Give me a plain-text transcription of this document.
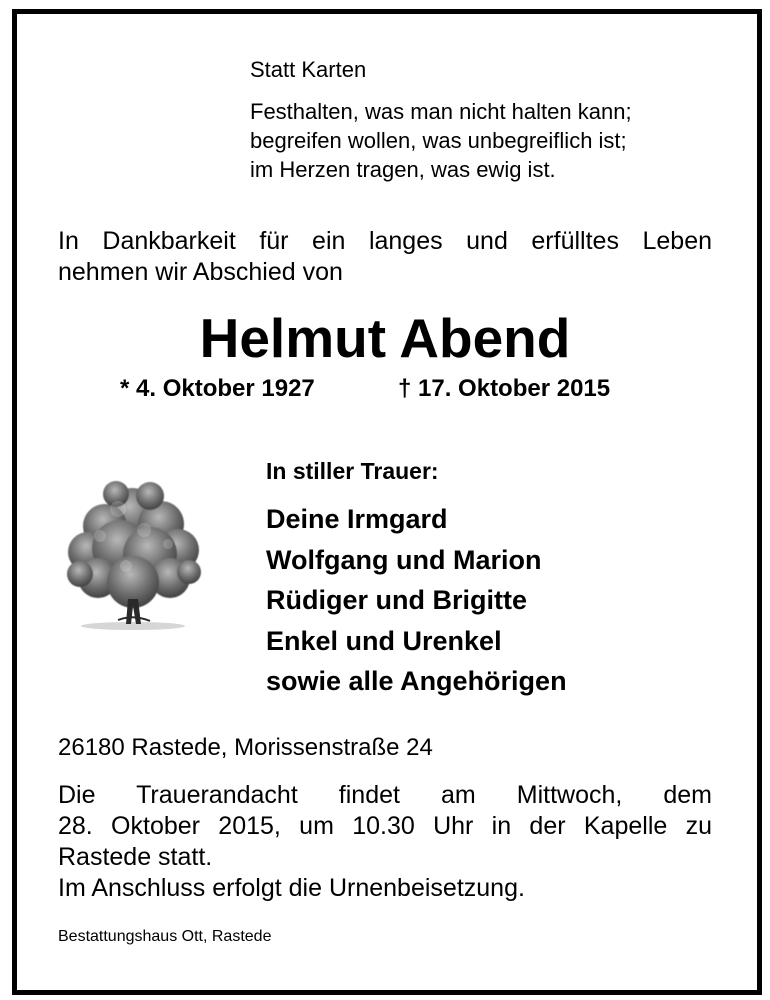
Statt Karten
Festhalten, was man nicht halten kann;
begreifen wollen, was unbegreiflich ist;
im Herzen tragen, was ewig ist.
In Dankbarkeit für ein langes und erfülltes Leben
nehmen wir Abschied von
Helmut Abend
* 4. Oktober 1927	† 17. Oktober 2015
In stiller Trauer:
Deine Irmgard
Wolfgang und Marion
Rüdiger und Brigitte
Enkel und Urenkel
sowie alle Angehörigen
26180 Rastede, Morissenstraße 24
Die Trauerandacht findet am Mittwoch, dem
28. Oktober 2015, um 10.30 Uhr in der Kapelle zu
Rastede statt.
Im Anschluss erfolgt die Urnenbeisetzung.
Bestattungshaus Ott, Rastede
